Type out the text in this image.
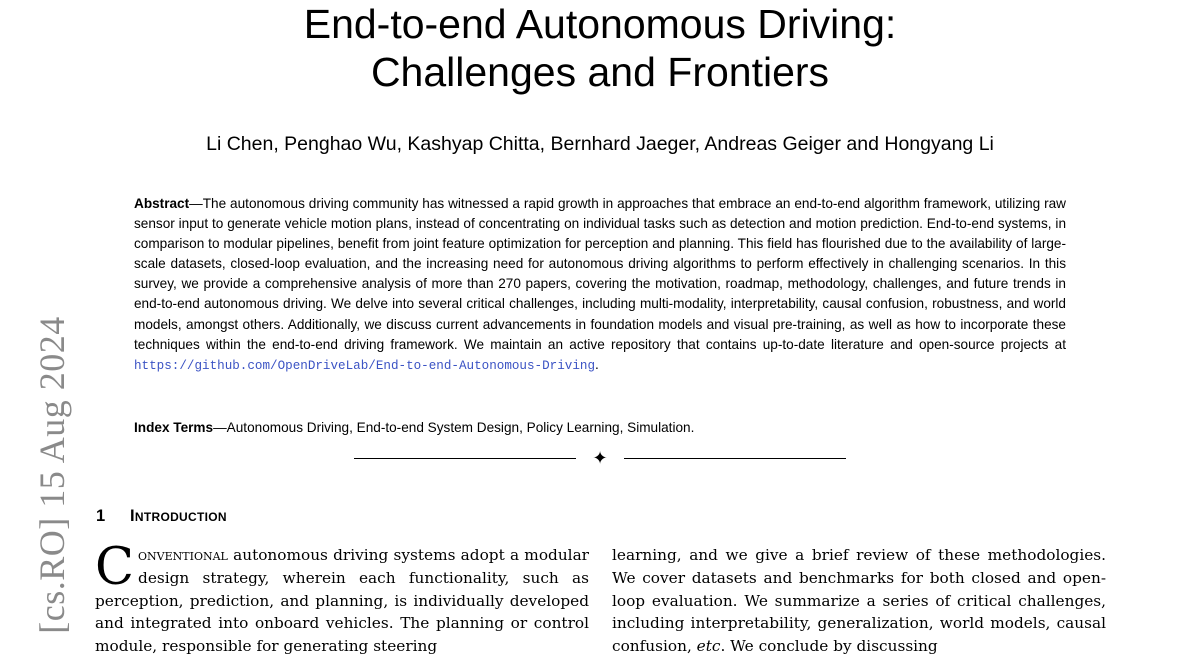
[cs.RO] 15 Aug 2024
End-to-end Autonomous Driving:
Challenges and Frontiers
Li Chen, Penghao Wu, Kashyap Chitta, Bernhard Jaeger, Andreas Geiger and Hongyang Li

Abstract—The autonomous driving community has witnessed a rapid growth in approaches that embrace an end-to-end algorithm framework, utilizing raw sensor input to generate vehicle motion plans, instead of concentrating on individual tasks such as detection and motion prediction. End-to-end systems, in comparison to modular pipelines, benefit from joint feature optimization for perception and planning. This field has flourished due to the availability of large-scale datasets, closed-loop evaluation, and the increasing need for autonomous driving algorithms to perform effectively in challenging scenarios. In this survey, we provide a comprehensive analysis of more than 270 papers, covering the motivation, roadmap, methodology, challenges, and future trends in end-to-end autonomous driving. We delve into several critical challenges, including multi-modality, interpretability, causal confusion, robustness, and world models, amongst others. Additionally, we discuss current advancements in foundation models and visual pre-training, as well as how to incorporate these techniques within the end-to-end driving framework. We maintain an active repository that contains up-to-date literature and open-source projects at https://github.com/OpenDriveLab/End-to-end-Autonomous-Driving.

Index Terms—Autonomous Driving, End-to-end System Design, Policy Learning, Simulation.

✦
1 Introduction

Conventional autonomous driving systems adopt a modular design strategy, wherein each functionality, such as perception, prediction, and planning, is individually developed and integrated into onboard vehicles. The planning or control module, responsible for generating steering

learning, and we give a brief review of these methodologies. We cover datasets and benchmarks for both closed and open-loop evaluation. We summarize a series of critical challenges, including interpretability, generalization, world models, causal confusion, etc. We conclude by discussing
